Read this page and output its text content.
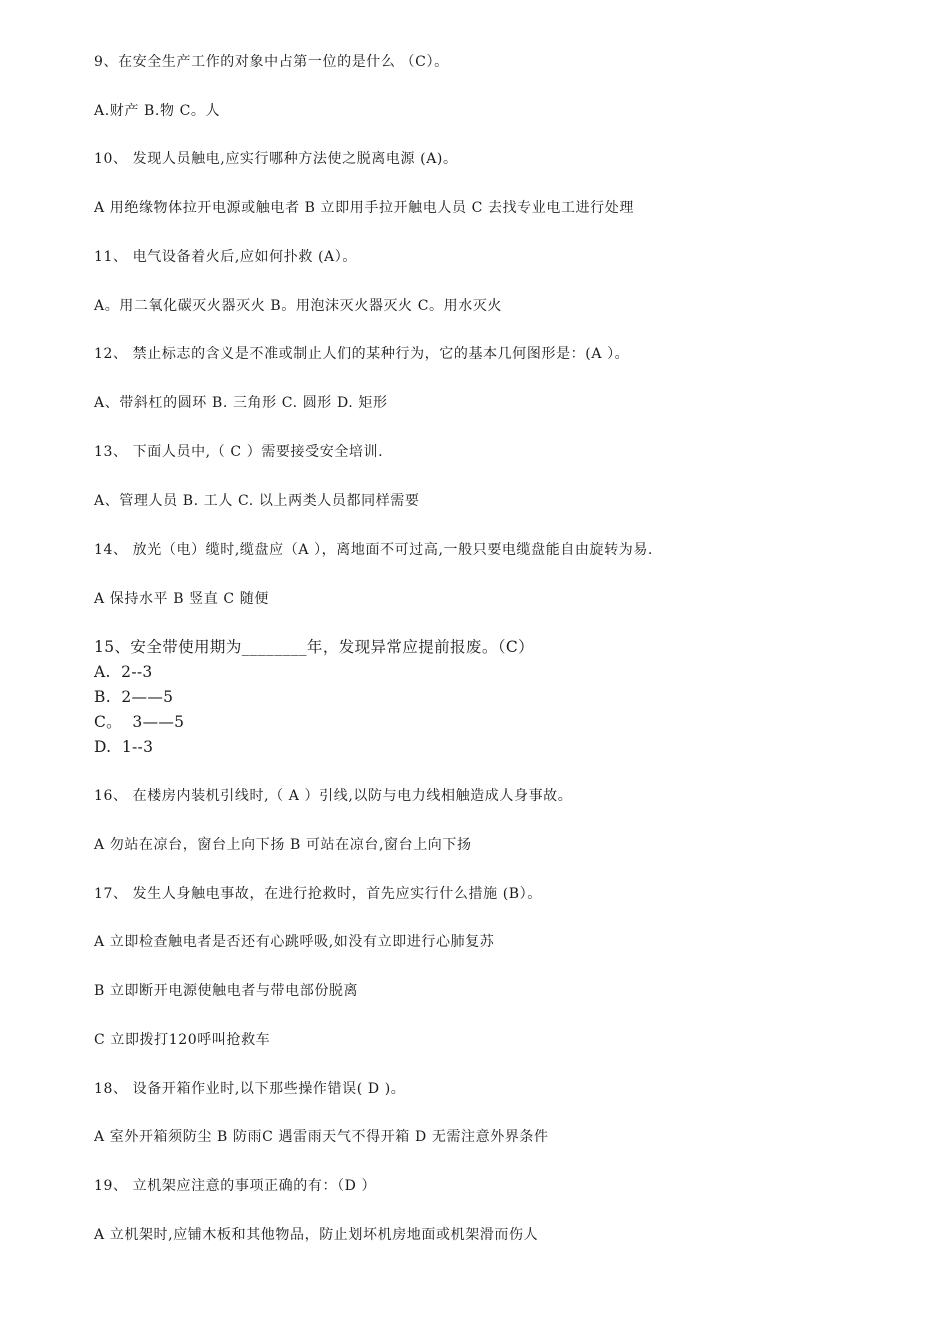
9、在安全生产工作的对象中占第一位的是什么 （C）。
A.财产 B.物 C。人
10、 发现人员触电,应实行哪种方法使之脱离电源 (A)。
A 用绝缘物体拉开电源或触电者 B 立即用手拉开触电人员 C 去找专业电工进行处理
11、 电气设备着火后,应如何扑救 (A）。
A。用二氧化碳灭火器灭火 B。用泡沫灭火器灭火 C。用水灭火
12、 禁止标志的含义是不准或制止人们的某种行为，它的基本几何图形是：(A ）。
A、带斜杠的圆环 B. 三角形 C. 圆形 D. 矩形
13、 下面人员中,（ C ）需要接受安全培训.
A、管理人员 B. 工人 C. 以上两类人员都同样需要
14、 放光（电）缆时,缆盘应（A ），离地面不可过高,一般只要电缆盘能自由旋转为易.
A 保持水平 B 竖直 C 随便
15、安全带使用期为________年，发现异常应提前报废。（C）
A.  2--3
B.  2——5
C。  3——5
D.  1--3
16、 在楼房内装机引线时,（ A ）引线,以防与电力线相触造成人身事故。
A 勿站在凉台，窗台上向下扬 B 可站在凉台,窗台上向下扬
17、 发生人身触电事故，在进行抢救时，首先应实行什么措施 (B）。
A 立即检查触电者是否还有心跳呼吸,如没有立即进行心肺复苏
B 立即断开电源使触电者与带电部份脱离
C 立即拨打120呼叫抢救车
18、 设备开箱作业时,以下那些操作错误( D )。
A 室外开箱须防尘 B 防雨C 遇雷雨天气不得开箱 D 无需注意外界条件
19、 立机架应注意的事项正确的有：（D ）
A 立机架时,应铺木板和其他物品，防止划坏机房地面或机架滑而伤人
